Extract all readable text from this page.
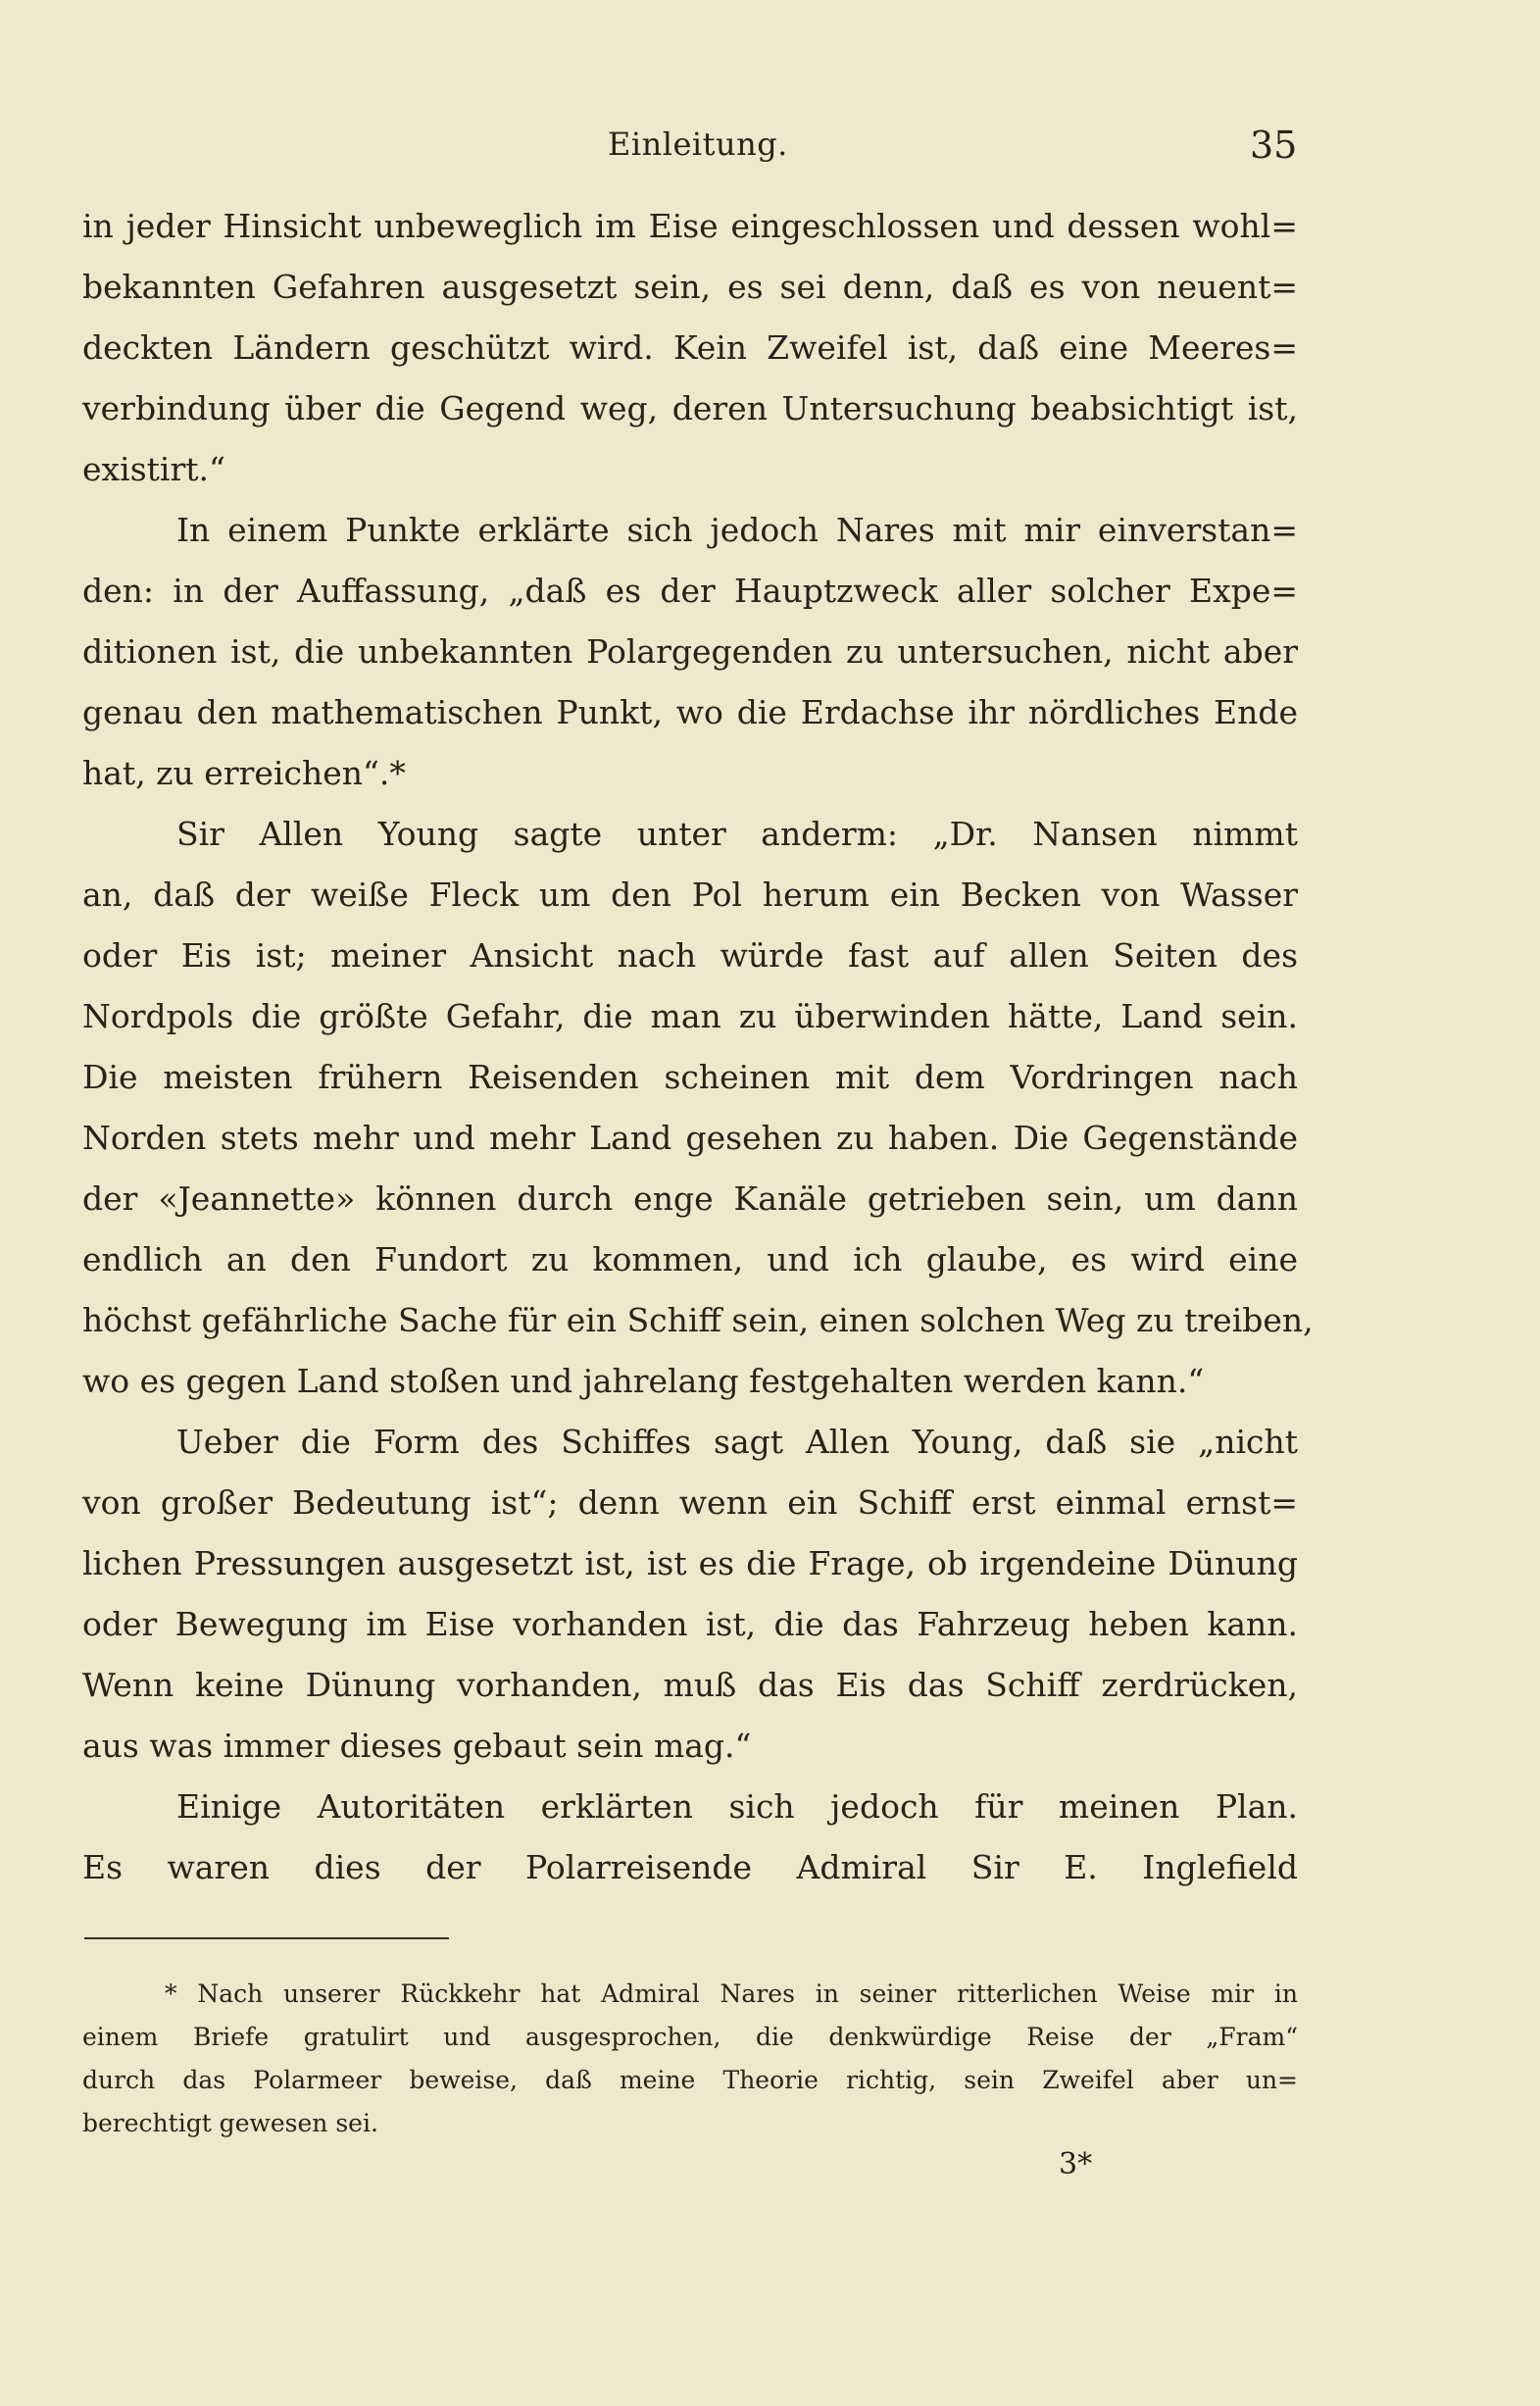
Einleitung.	35
in jeder Hinsicht unbeweglich im Eise eingeschlossen und dessen wohl=
bekannten Gefahren ausgesetzt sein, es sei denn, daß es von neuent=
deckten Ländern geschützt wird. Kein Zweifel ist, daß eine Meeres=
verbindung über die Gegend weg, deren Untersuchung beabsichtigt ist,
existirt.“
In einem Punkte erklärte sich jedoch Nares mit mir einverstan=
den: in der Auffassung, „daß es der Hauptzweck aller solcher Expe=
ditionen ist, die unbekannten Polargegenden zu untersuchen, nicht aber
genau den mathematischen Punkt, wo die Erdachse ihr nördliches Ende
hat, zu erreichen“.*
Sir Allen Young sagte unter anderm: „Dr. Nansen nimmt
an, daß der weiße Fleck um den Pol herum ein Becken von Wasser
oder Eis ist; meiner Ansicht nach würde fast auf allen Seiten des
Nordpols die größte Gefahr, die man zu überwinden hätte, Land sein.
Die meisten frühern Reisenden scheinen mit dem Vordringen nach
Norden stets mehr und mehr Land gesehen zu haben. Die Gegenstände
der «Jeannette» können durch enge Kanäle getrieben sein, um dann
endlich an den Fundort zu kommen, und ich glaube, es wird eine
höchst gefährliche Sache für ein Schiff sein, einen solchen Weg zu treiben,
wo es gegen Land stoßen und jahrelang festgehalten werden kann.“
Ueber die Form des Schiffes sagt Allen Young, daß sie „nicht
von großer Bedeutung ist“; denn wenn ein Schiff erst einmal ernst=
lichen Pressungen ausgesetzt ist, ist es die Frage, ob irgendeine Dünung
oder Bewegung im Eise vorhanden ist, die das Fahrzeug heben kann.
Wenn keine Dünung vorhanden, muß das Eis das Schiff zerdrücken,
aus was immer dieses gebaut sein mag.“
Einige Autoritäten erklärten sich jedoch für meinen Plan.
Es waren dies der Polarreisende Admiral Sir E. Inglefield
* Nach unserer Rückkehr hat Admiral Nares in seiner ritterlichen Weise mir in
einem Briefe gratulirt und ausgesprochen, die denkwürdige Reise der „Fram“
durch das Polarmeer beweise, daß meine Theorie richtig, sein Zweifel aber un=
berechtigt gewesen sei.
3*
